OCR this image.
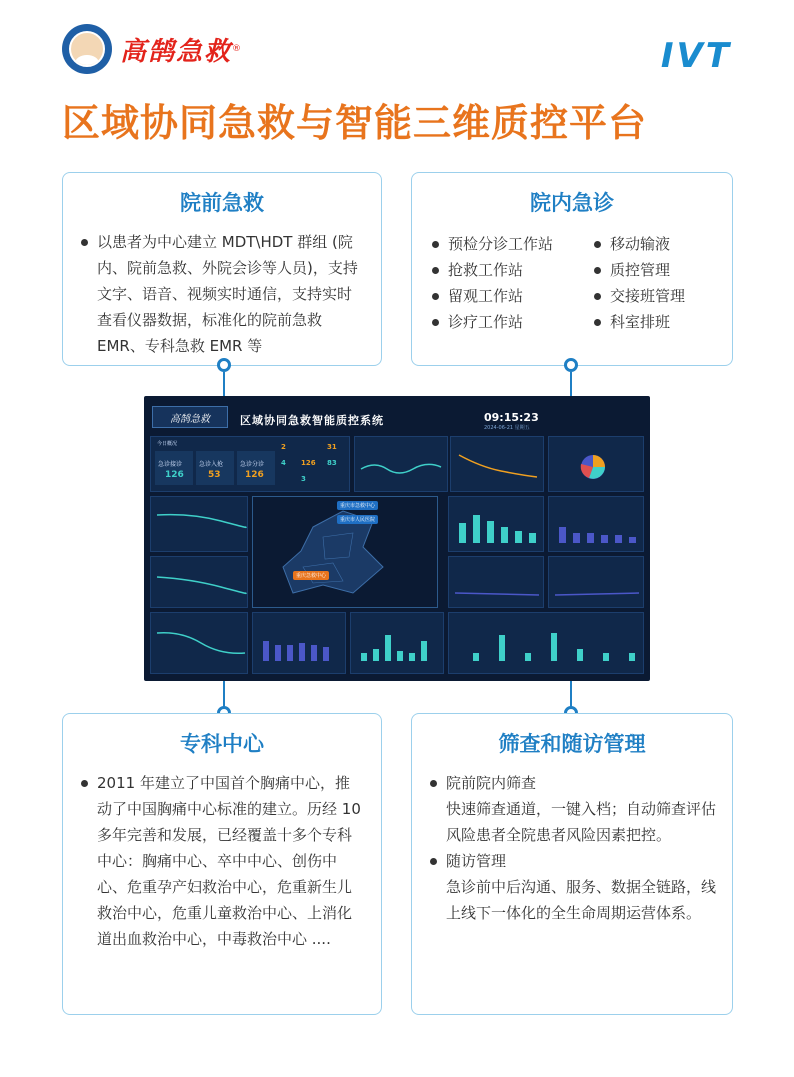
高鹄急救 ®	IVT
区域协同急救与智能三维质控平台
院前急救
以患者为中心建立 MDT\HDT 群组 (院内、院前急救、外院会诊等人员)，支持文字、语音、视频实时通信，支持实时查看仪器数据，标准化的院前急救 EMR、专科急救 EMR 等
院内急诊
预检分诊工作站
抢救工作站
留观工作站
诊疗工作站
移动输液
质控管理
交接班管理
科室排班
高鹄急救	区域协同急救智能质控系统	09:15:23
2024-06-21 星期五
今日概况
急诊接诊
126
急诊入抢
53
急诊分诊
126
2	31
4 126 83
3
重庆急救中心
重庆市急救中心
重庆市人民医院
专科中心
2011 年建立了中国首个胸痛中心，推动了中国胸痛中心标准的建立。历经 10 多年完善和发展，已经覆盖十多个专科中心：胸痛中心、卒中中心、创伤中心、危重孕产妇救治中心，危重新生儿救治中心，危重儿童救治中心、上消化道出血救治中心，中毒救治中心 ....
筛查和随访管理
院前院内筛查
快速筛查通道，一键入档；自动筛查评估风险患者全院患者风险因素把控。
随访管理
急诊前中后沟通、服务、数据全链路，线上线下一体化的全生命周期运营体系。
